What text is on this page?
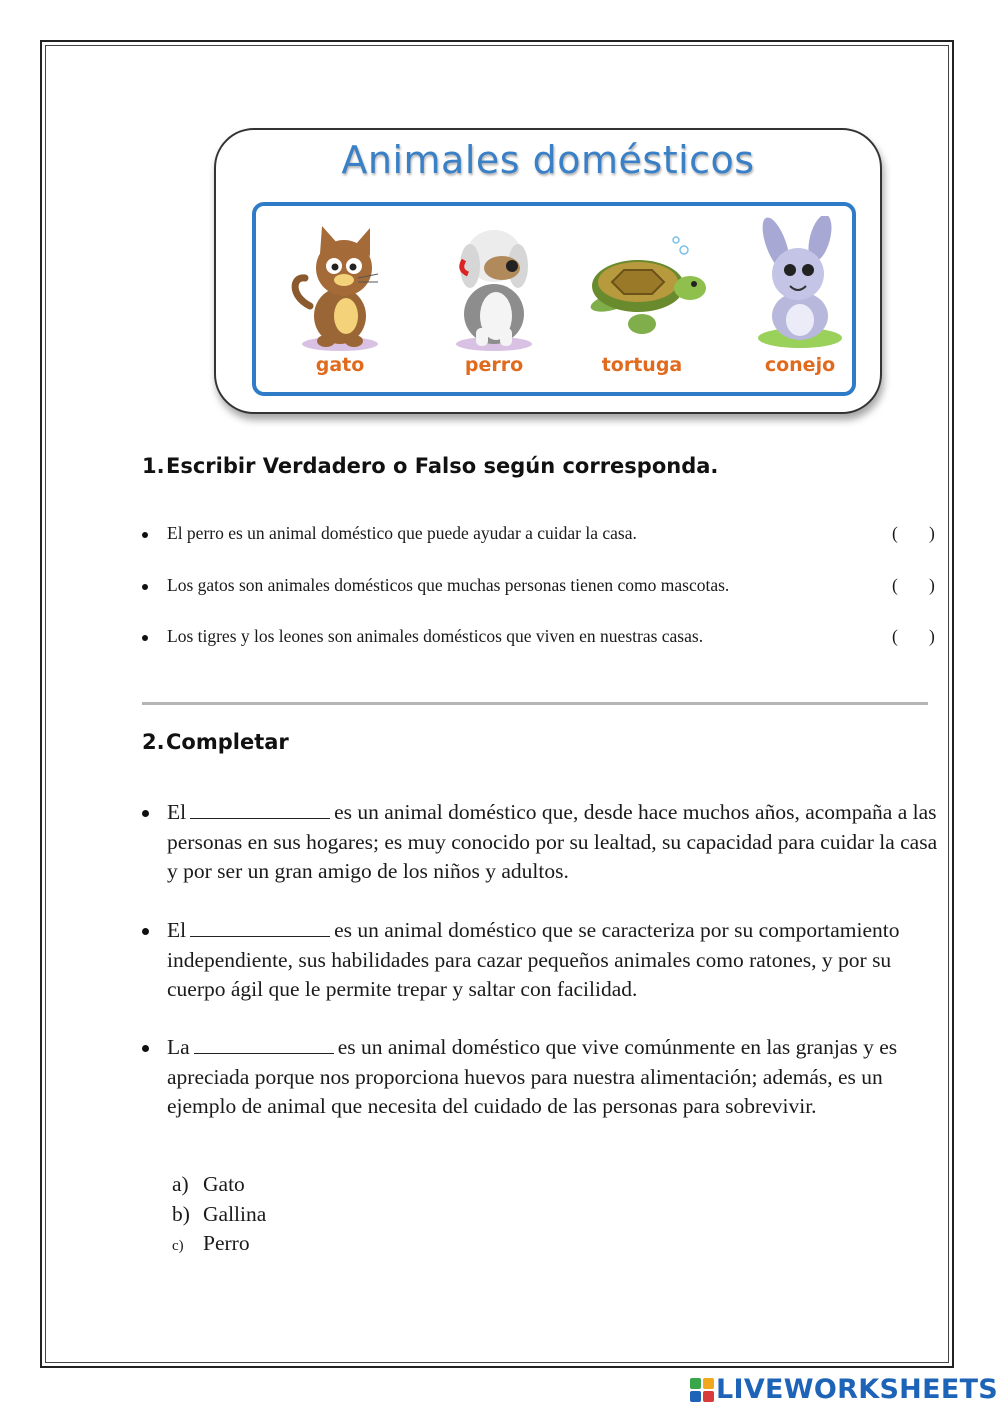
Animales domésticos
gato	perro	tortuga	conejo
1.Escribir Verdadero o Falso según corresponda.
El perro es un animal doméstico que puede ayudar a cuidar la casa.	( )
Los gatos son animales domésticos que muchas personas tienen como mascotas.	( )
Los tigres y los leones son animales domésticos que viven en nuestras casas.	( )
2.Completar
El	es un animal doméstico que, desde hace muchos años, acompaña a las personas en sus hogares; es muy conocido por su lealtad, su capacidad para cuidar la casa y por ser un gran amigo de los niños y adultos.
El	es un animal doméstico que se caracteriza por su comportamiento independiente, sus habilidades para cazar pequeños animales como ratones, y por su cuerpo ágil que le permite trepar y saltar con facilidad.
La	es un animal doméstico que vive comúnmente en las granjas y es apreciada porque nos proporciona huevos para nuestra alimentación; además, es un ejemplo de animal que necesita del cuidado de las personas para sobrevivir.
a) Gato
b) Gallina
c) Perro
LIVEWORKSHEETS
